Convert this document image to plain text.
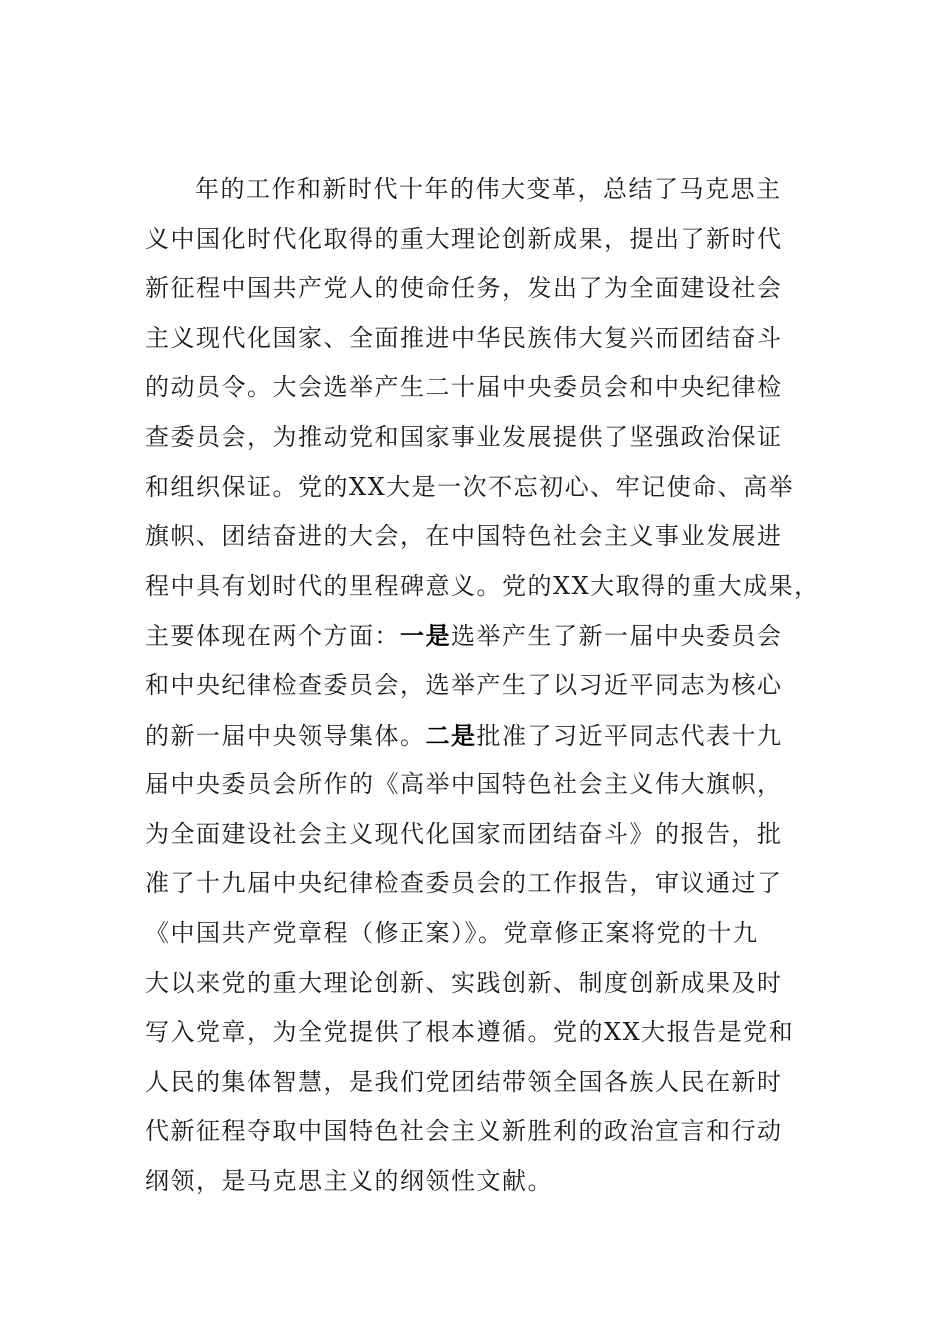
年的工作和新时代十年的伟大变革，总结了马克思主
义中国化时代化取得的重大理论创新成果，提出了新时代
新征程中国共产党人的使命任务，发出了为全面建设社会
主义现代化国家、全面推进中华民族伟大复兴而团结奋斗
的动员令。大会选举产生二十届中央委员会和中央纪律检
查委员会，为推动党和国家事业发展提供了坚强政治保证
和组织保证。党的XX大是一次不忘初心、牢记使命、高举
旗帜、团结奋进的大会，在中国特色社会主义事业发展进
程中具有划时代的里程碑意义。党的XX大取得的重大成果，
主要体现在两个方面：一是选举产生了新一届中央委员会
和中央纪律检查委员会，选举产生了以习近平同志为核心
的新一届中央领导集体。二是批准了习近平同志代表十九
届中央委员会所作的《高举中国特色社会主义伟大旗帜，
为全面建设社会主义现代化国家而团结奋斗》的报告，批
准了十九届中央纪律检查委员会的工作报告，审议通过了
《中国共产党章程（修正案）》。党章修正案将党的十九
大以来党的重大理论创新、实践创新、制度创新成果及时
写入党章，为全党提供了根本遵循。党的XX大报告是党和
人民的集体智慧，是我们党团结带领全国各族人民在新时
代新征程夺取中国特色社会主义新胜利的政治宣言和行动
纲领，是马克思主义的纲领性文献。
